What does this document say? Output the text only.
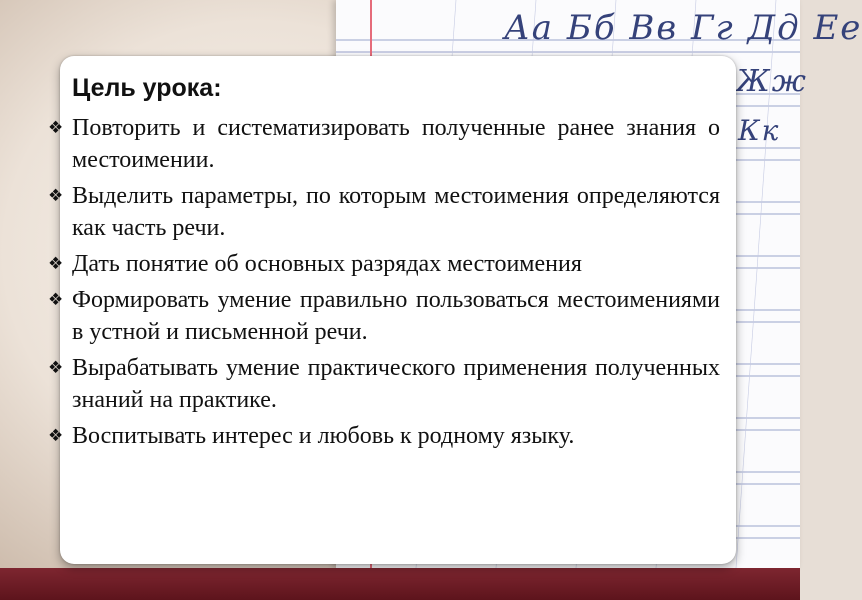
Аа Бб Вв Гг Дд Ее
Жж
Кк
Цель урока:
❖ Повторить и систематизировать полученные ранее знания о местоимении.
❖ Выделить параметры, по которым местоимения определяются как часть речи.
❖ Дать понятие об основных разрядах местоимения
❖ Формировать умение правильно пользоваться местоимениями в устной и письменной речи.
❖ Вырабатывать умение практического применения полученных знаний на практике.
❖ Воспитывать интерес и любовь к родному языку.
